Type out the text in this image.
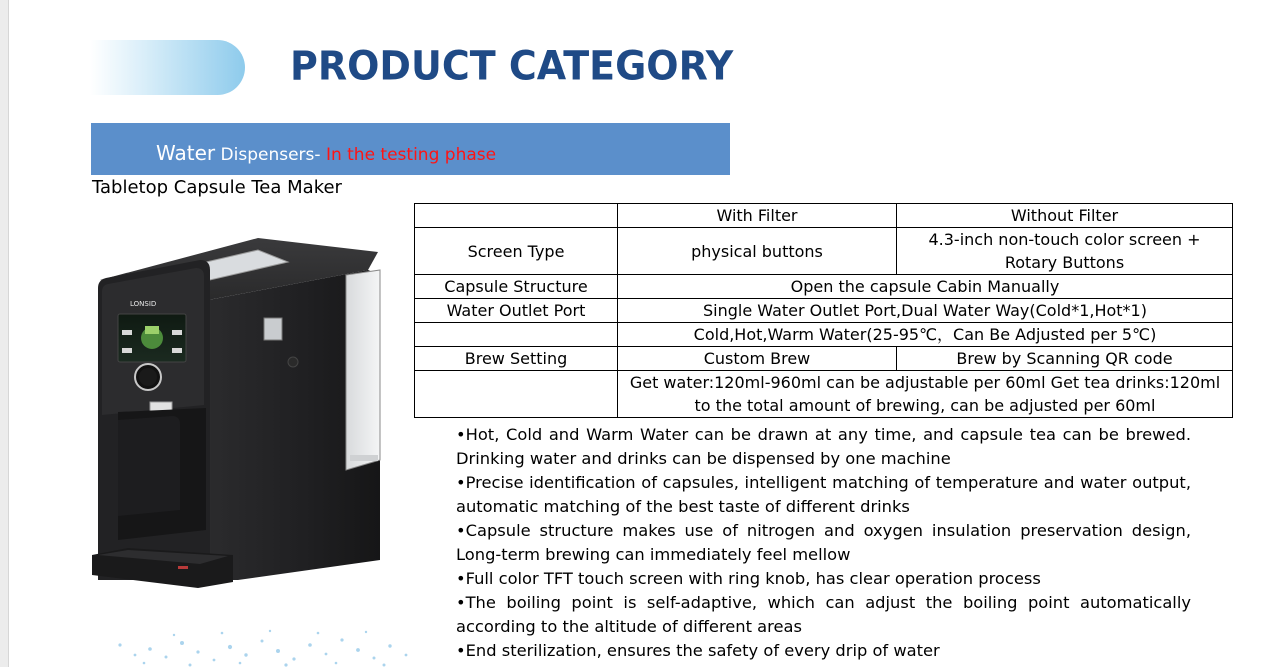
PRODUCT CATEGORY
Water Dispensers- In the testing phase
Tabletop Capsule Tea Maker
LONSID
	With Filter	Without Filter
Screen Type	physical buttons	4.3-inch non-touch color screen +
Rotary Buttons

Capsule Structure	Open the capsule Cabin Manually	
Water Outlet Port	Single Water Outlet Port,Dual Water Way(Cold*1,Hot*1)	
	Cold,Hot,Warm Water(25-95℃，Can Be Adjusted per 5℃)	
Brew Setting	Custom Brew	Brew by Scanning QR code

	Get water:120ml-960ml can be adjustable per 60ml Get tea drinks:120ml
to the total amount of brewing, can be adjusted per 60ml	

•Hot, Cold and Warm Water can be drawn at any time, and capsule tea can be brewed. Drinking water and drinks can be dispensed by one machine

•Precise identification of capsules, intelligent matching of temperature and water output, automatic matching of the best taste of different drinks

•Capsule structure makes use of nitrogen and oxygen insulation preservation design, Long-term brewing can immediately feel mellow

•Full color TFT touch screen with ring knob, has clear operation process

•The boiling point is self-adaptive, which can adjust the boiling point automatically according to the altitude of different areas

•End sterilization, ensures the safety of every drip of water
